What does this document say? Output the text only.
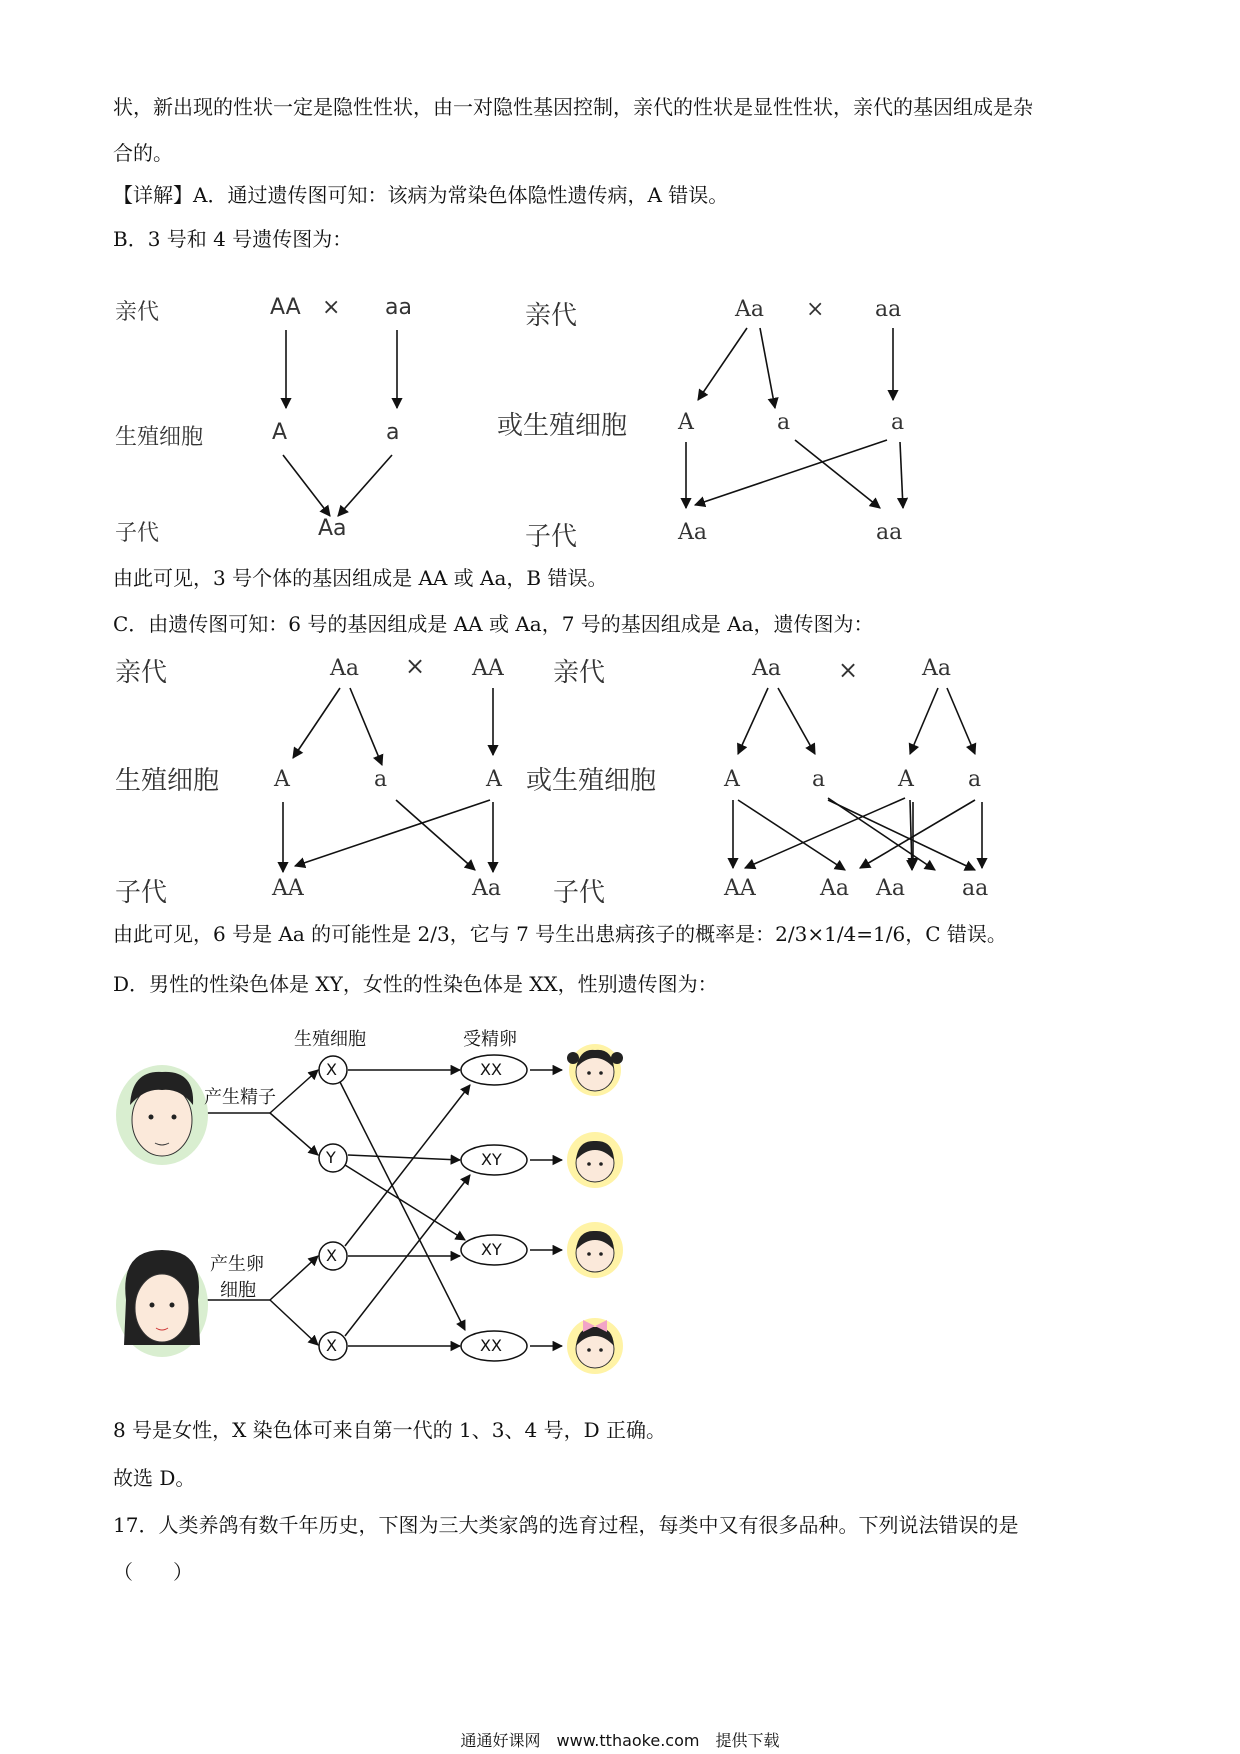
状，新出现的性状一定是隐性性状，由一对隐性基因控制，亲代的性状是显性性状，亲代的基因组成是杂
合的。
【详解】A．通过遗传图可知：该病为常染色体隐性遗传病，A 错误。
B．3 号和 4 号遗传图为：
亲代	AA × aa
生殖细胞	A	a
子代	Aa
亲代	Aa × aa
或生殖细胞 A	a	a
子代	Aa	aa
由此可见，3 号个体的基因组成是 AA 或 Aa，B 错误。
C．由遗传图可知：6 号的基因组成是 AA 或 Aa，7 号的基因组成是 Aa，遗传图为：
亲代	Aa × AA
生殖细胞 A	a	A
子代	AA	Aa
亲代	Aa ×	Aa
或生殖细胞	A	a	A a
子代	AA	Aa Aa	aa
由此可见，6 号是 Aa 的可能性是 2/3，它与 7 号生出患病孩子的概率是：2/3×1/4=1/6，C 错误。
D．男性的性染色体是 XY，女性的性染色体是 XX，性别遗传图为：
生殖细胞	受精卵
产生精子
产生卵
细胞
X
Y
X
X
XX
XY
XY
XX
8 号是女性，X 染色体可来自第一代的 1、3、4 号，D 正确。
故选 D。
17．人类养鸽有数千年历史，下图为三大类家鸽的选育过程，每类中又有很多品种。下列说法错误的是
（　　）
通通好课网　www.tthaoke.com　提供下载
